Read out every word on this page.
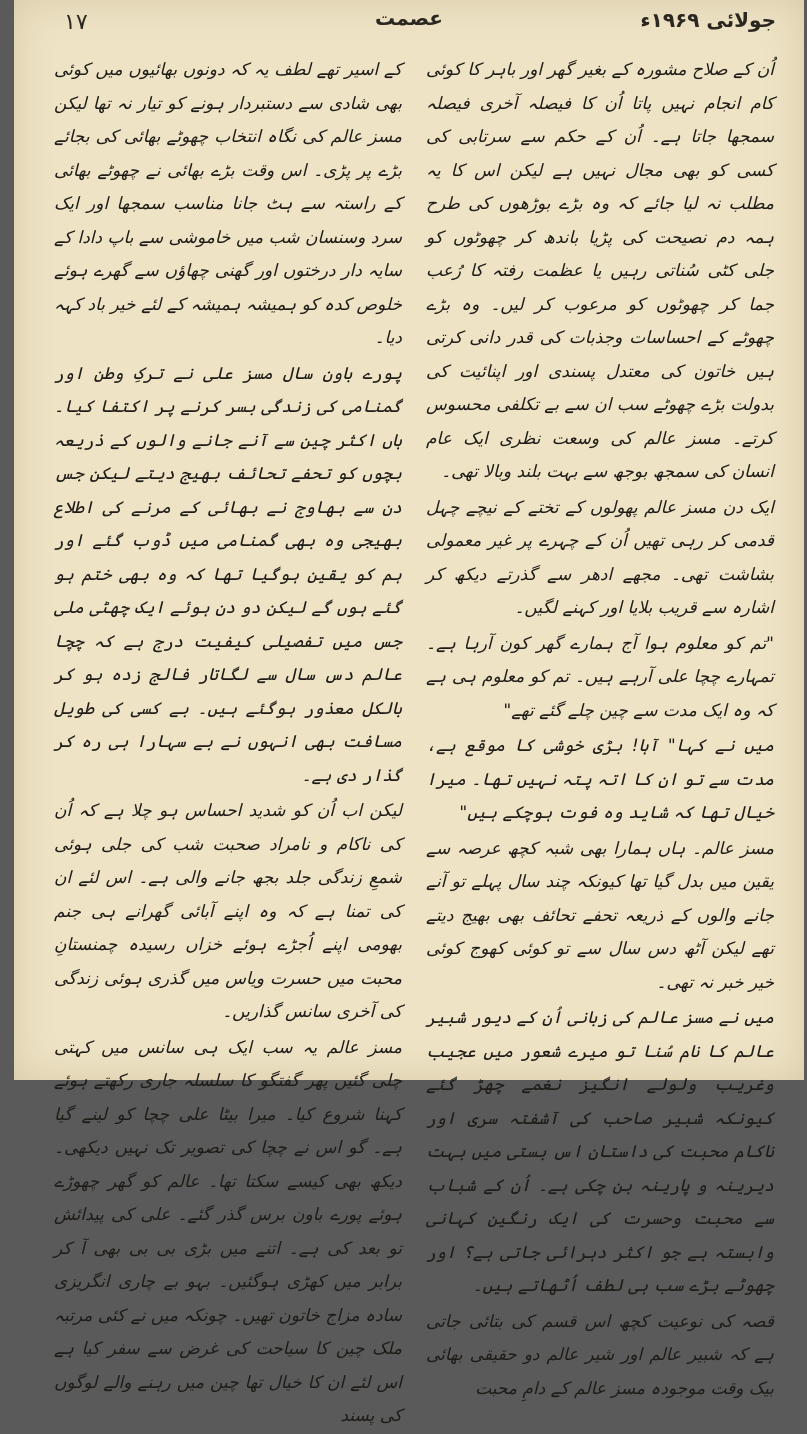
۱۷	عصمت	جولائی ۱۹۶۹ء

اُن کے صلاح مشورہ کے بغیر گھر اور باہر کا کوئی کام انجام نہیں پاتا اُن کا فیصلہ آخری فیصلہ سمجھا جاتا ہے۔ اُن کے حکم سے سرتابی کی کسی کو بھی مجال نہیں ہے لیکن اس کا یہ مطلب نہ لیا جائے کہ وہ بڑے بوڑھوں کی طرح ہمہ دم نصیحت کی پڑیا باندھ کر چھوٹوں کو جلی کٹی سُناتی رہیں یا عظمت رفتہ کا رُعب جما کر چھوٹوں کو مرعوب کر لیں۔ وہ بڑے چھوٹے کے احساسات وجذبات کی قدر دانی کرتی ہیں خاتون کی معتدل پسندی اور اپنائیت کی بدولت بڑے چھوٹے سب ان سے بے تکلفی محسوس کرتے۔ مسز عالم کی وسعت نظری ایک عام انسان کی سمجھ بوجھ سے بہت بلند وبالا تھی۔

ایک دن مسز عالم پھولوں کے تختے کے نیچے چہل قدمی کر رہی تھیں اُن کے چہرے پر غیر معمولی بشاشت تھی۔ مجھے ادھر سے گذرتے دیکھ کر اشارہ سے قریب بلایا اور کہنے لگیں۔

"تم کو معلوم ہوا آج ہمارے گھر کون آرہا ہے۔ تمہارے چچا علی آرہے ہیں۔ تم کو معلوم ہی ہے کہ وہ ایک مدت سے چین چلے گئے تھے"

میں نے کہا" آہا! بڑی خوشی کا موقع ہے، مدت سے تو ان کا اتہ پتہ نہیں تھا۔ میرا خیال تھا کہ شاید وہ فوت ہوچکے ہیں"

مسز عالم۔ ہاں ہمارا بھی شبہ کچھ عرصہ سے یقین میں بدل گیا تھا کیونکہ چند سال پہلے تو آنے جانے والوں کے ذریعہ تحفے تحائف بھی بھیج دیتے تھے لیکن آٹھ دس سال سے تو کوئی کھوج کوئی خیر خبر نہ تھی۔

میں نے مسز عالم کی زبانی اُن کے دیور شبیر عالم کا نام سُنا تو میرے شعور میں عجیب وغریب ولولے انگیز نغمے چھڑ گئے کیونکہ شبیر صاحب کی آشفتہ سری اور ناکام محبت کی داستان اس بستی میں بہت دیرینہ و پارینہ بن چکی ہے۔ اُن کے شباب سے محبت وحسرت کی ایک رنگین کہانی وابستہ ہے جو اکثر دہرائی جاتی ہے؟ اور چھوٹے بڑے سب ہی لطف اُٹھاتے ہیں۔

قصہ کی نوعیت کچھ اس قسم کی بتائی جاتی ہے کہ شبیر عالم اور شیر عالم دو حقیقی بھائی بیک وقت موجودہ مسز عالم کے دامِ محبت

کے اسیر تھے لطف یہ کہ دونوں بھائیوں میں کوئی بھی شادی سے دستبردار ہونے کو تیار نہ تھا لیکن مسز عالم کی نگاہ انتخاب چھوٹے بھائی کی بجائے بڑے پر پڑی۔ اس وقت بڑے بھائی نے چھوٹے بھائی کے راستہ سے ہٹ جانا مناسب سمجھا اور ایک سرد وسنسان شب میں خاموشی سے باپ دادا کے سایہ دار درختوں اور گھنی چھاؤں سے گھرے ہوئے خلوص کدہ کو ہمیشہ ہمیشہ کے لئے خیر باد کہہ دیا۔

پورے باون سال مسز علی نے ترکِ وطن اور گمنامی کی زندگی بسر کرنے پر اکتفا کیا۔ ہاں اکثر چین سے آنے جانے والوں کے ذریعہ بچوں کو تحفے تحائف بھیج دیتے لیکن جس دن سے بھاوج نے بھائی کے مرنے کی اطلاع بھیجی وہ بھی گمنامی میں ڈوب گئے اور ہم کو یقین ہوگیا تھا کہ وہ بھی ختم ہو گئے ہوں گے لیکن دو دن ہوئے ایک چھٹی ملی جس میں تفصیلی کیفیت درج ہے کہ چچا عالم دس سال سے لگاتار فالج زدہ ہو کر بالکل معذور ہوگئے ہیں۔ بے کسی کی طویل مسافت بھی انہوں نے بے سہارا ہی رہ کر گذار دی ہے۔

لیکن اب اُن کو شدید احساس ہو چلا ہے کہ اُن کی ناکام و نامراد صحبت شب کی جلی ہوئی شمعِ زندگی جلد بجھ جانے والی ہے۔ اس لئے ان کی تمنا ہے کہ وہ اپنے آبائی گھرانے ہی جنم بھومی اپنے اُجڑے ہوئے خزاں رسیدہ چمنستانِ محبت میں حسرت ویاس میں گذری ہوئی زندگی کی آخری سانس گذاریں۔

مسز عالم یہ سب ایک ہی سانس میں کہتی چلی گئیں پھر گفتگو کا سلسلہ جاری رکھتے ہوئے کہنا شروع کیا۔ میرا بیٹا علی چچا کو لینے گیا ہے۔ گو اس نے چچا کی تصویر تک نہیں دیکھی۔ دیکھ بھی کیسے سکتا تھا۔ عالم کو گھر چھوڑے ہوئے پورے باون برس گذر گئے۔ علی کی پیدائش تو بعد کی ہے۔ اتنے میں بڑی بی بی بھی آ کر برابر میں کھڑی ہوگئیں۔ بہو بے چاری انگریزی سادہ مزاج خاتون تھیں۔ چونکہ میں نے کئی مرتبہ ملک چین کا سیاحت کی غرض سے سفر کیا ہے اس لئے ان کا خیال تھا چین میں رہنے والے لوگوں کی پسند
